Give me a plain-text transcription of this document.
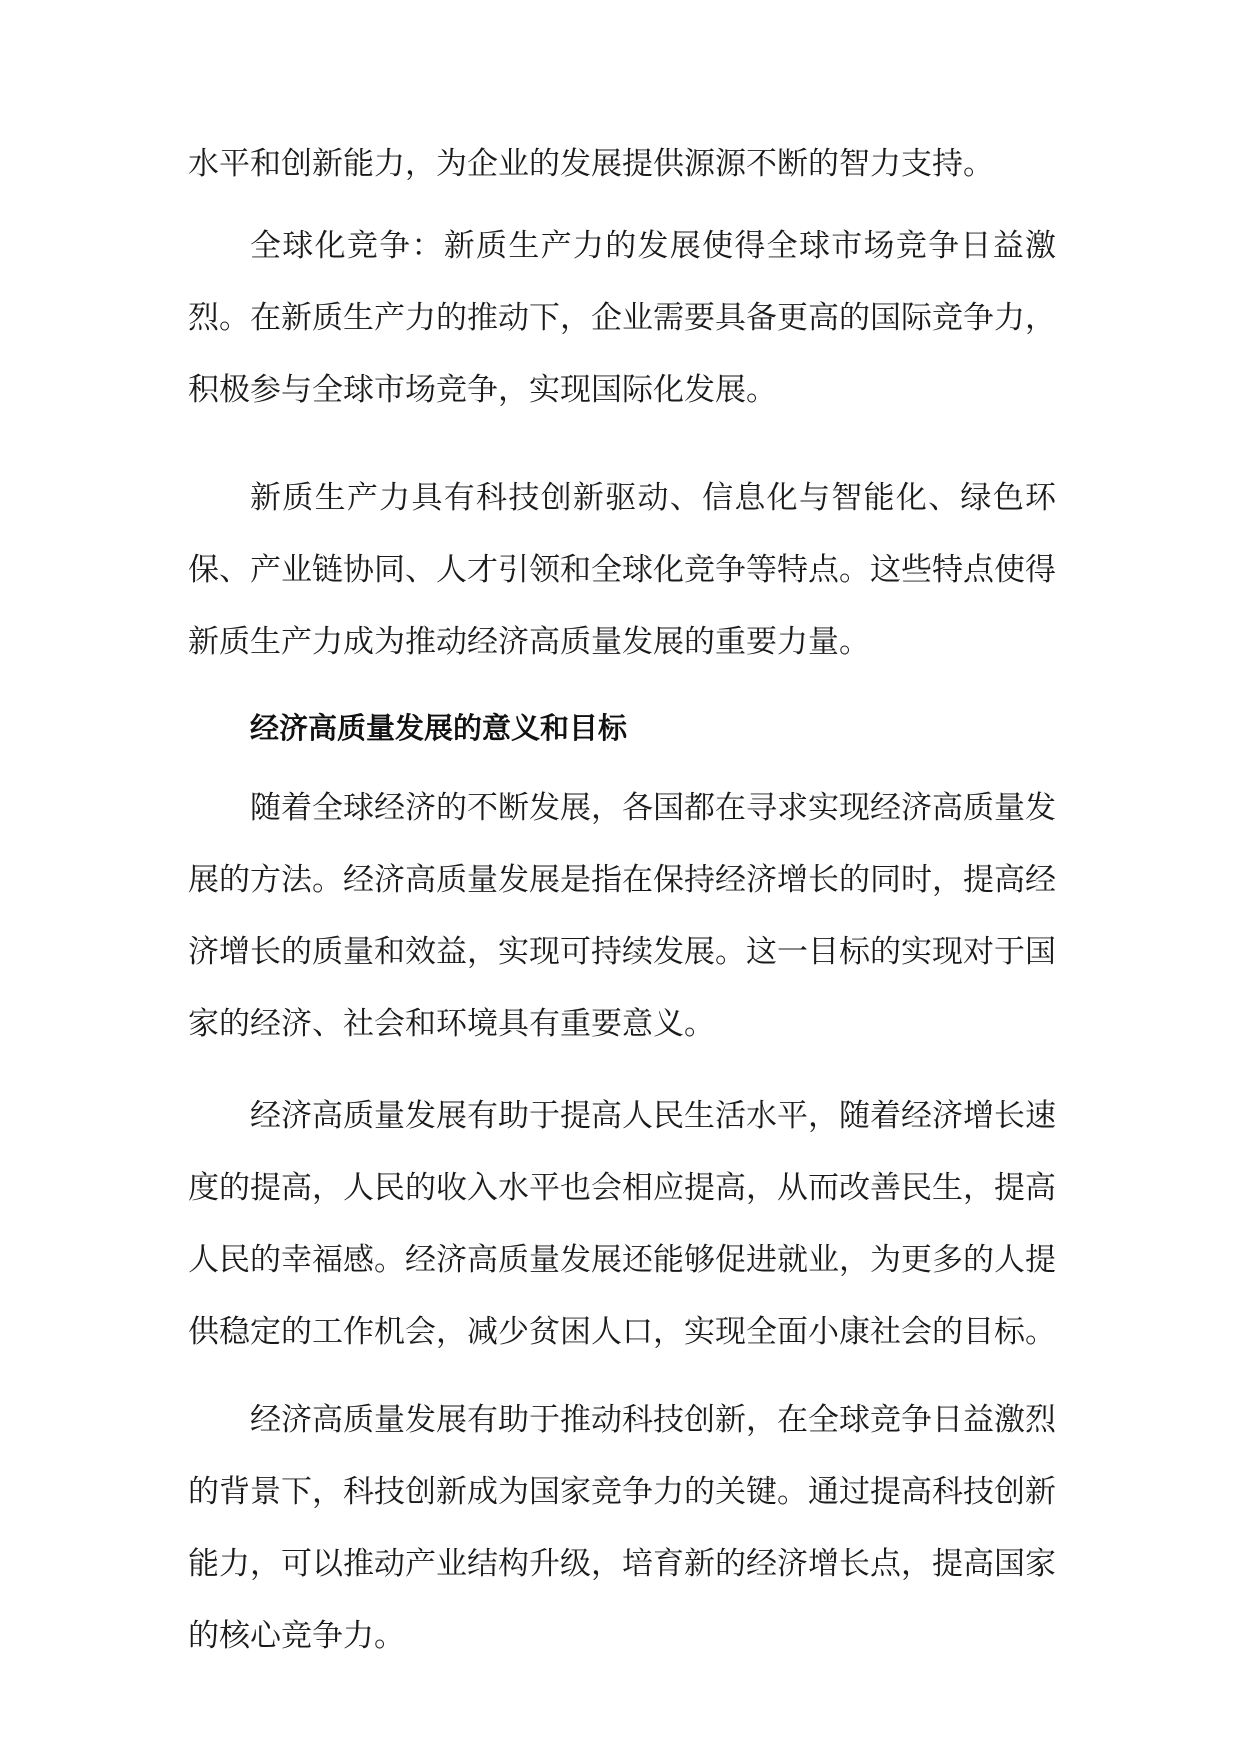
水平和创新能力，为企业的发展提供源源不断的智力支持。

全球化竞争：新质生产力的发展使得全球市场竞争日益激烈。在新质生产力的推动下，企业需要具备更高的国际竞争力，积极参与全球市场竞争，实现国际化发展。

新质生产力具有科技创新驱动、信息化与智能化、绿色环保、产业链协同、人才引领和全球化竞争等特点。这些特点使得新质生产力成为推动经济高质量发展的重要力量。

经济高质量发展的意义和目标

随着全球经济的不断发展，各国都在寻求实现经济高质量发展的方法。经济高质量发展是指在保持经济增长的同时，提高经济增长的质量和效益，实现可持续发展。这一目标的实现对于国家的经济、社会和环境具有重要意义。

经济高质量发展有助于提高人民生活水平，随着经济增长速度的提高，人民的收入水平也会相应提高，从而改善民生，提高人民的幸福感。经济高质量发展还能够促进就业，为更多的人提供稳定的工作机会，减少贫困人口，实现全面小康社会的目标。

经济高质量发展有助于推动科技创新，在全球竞争日益激烈的背景下，科技创新成为国家竞争力的关键。通过提高科技创新能力，可以推动产业结构升级，培育新的经济增长点，提高国家的核心竞争力。
